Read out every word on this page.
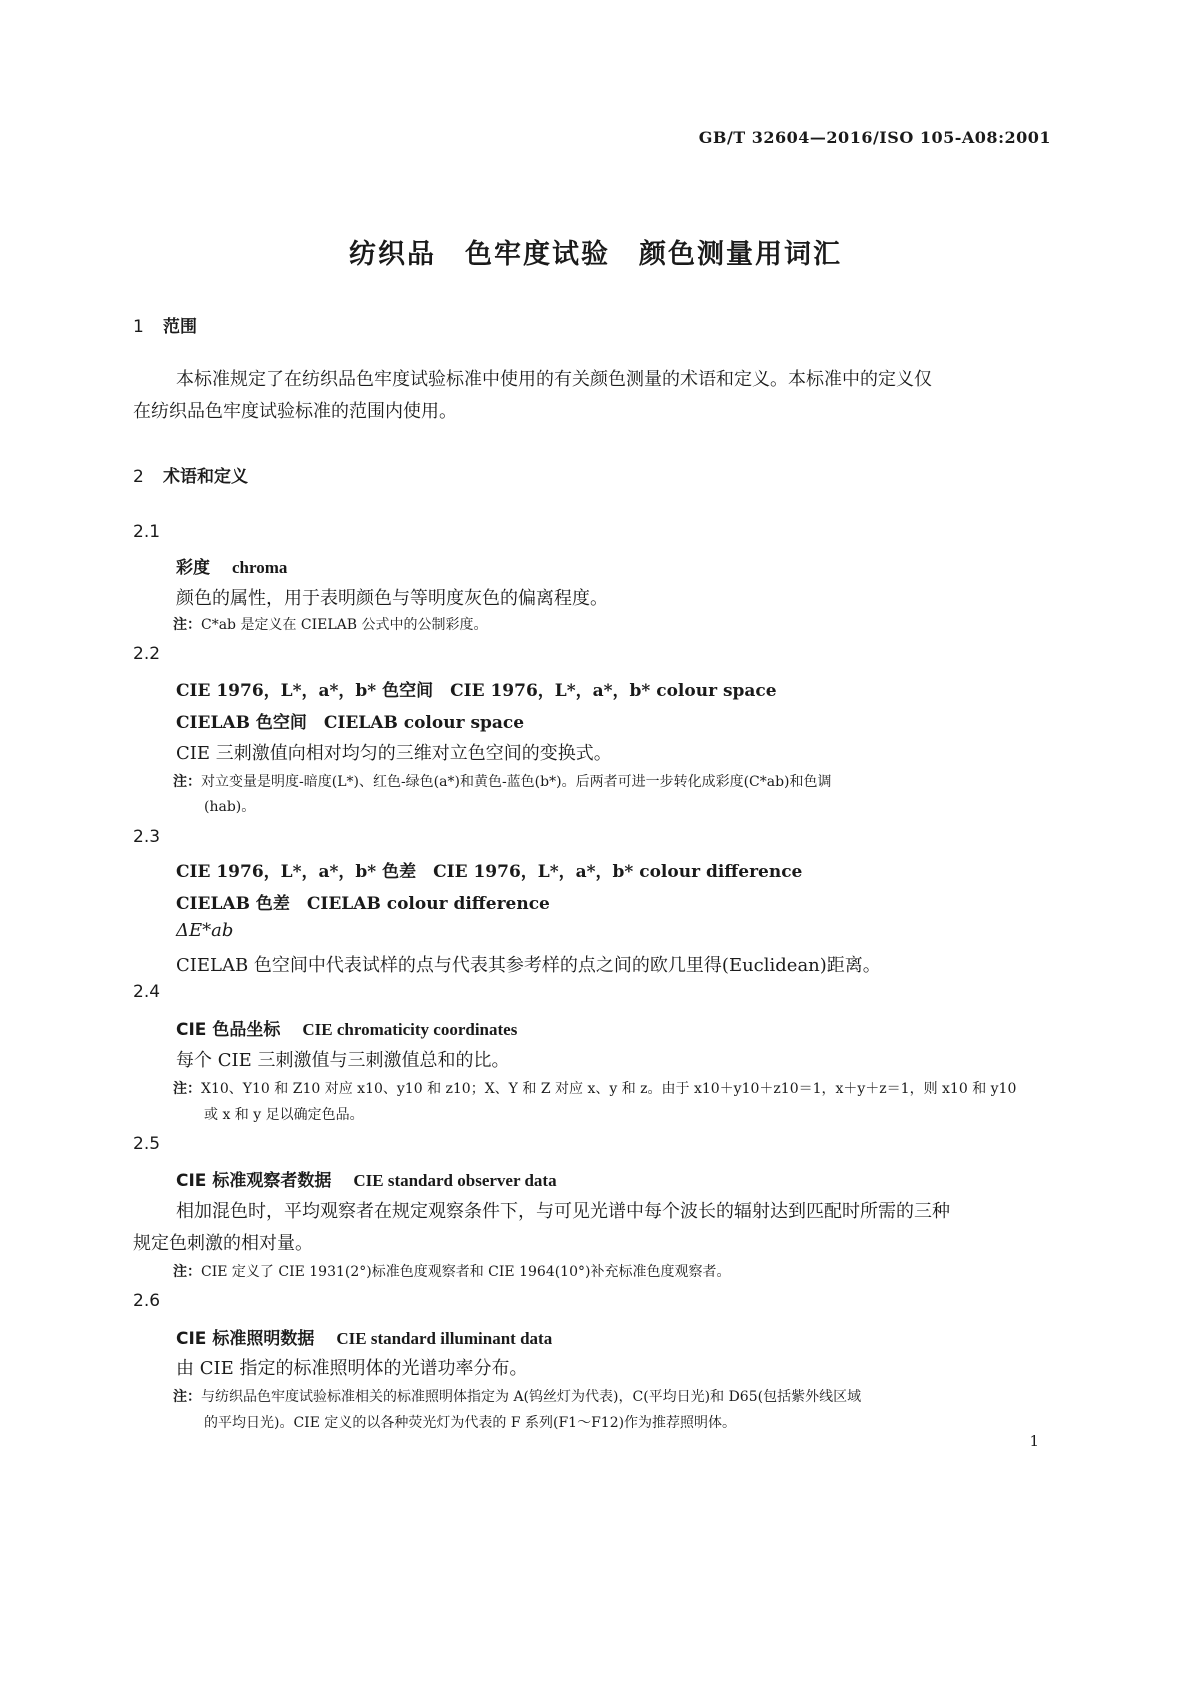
GB/T 32604—2016/ISO 105-A08:2001
纺织品　色牢度试验　颜色测量用词汇
1 范围
本标准规定了在纺织品色牢度试验标准中使用的有关颜色测量的术语和定义。本标准中的定义仅
在纺织品色牢度试验标准的范围内使用。
2 术语和定义
2.1
彩度 chroma
颜色的属性，用于表明颜色与等明度灰色的偏离程度。
注：C*ab 是定义在 CIELAB 公式中的公制彩度。
2.2
CIE 1976，L*，a*，b* 色空间　CIE 1976，L*，a*，b* colour space
CIELAB 色空间　CIELAB colour space
CIE 三刺激值向相对均匀的三维对立色空间的变换式。
注：对立变量是明度-暗度(L*)、红色-绿色(a*)和黄色-蓝色(b*)。后两者可进一步转化成彩度(C*ab)和色调
(hab)。
2.3
CIE 1976，L*，a*，b* 色差　CIE 1976，L*，a*，b* colour difference
CIELAB 色差　CIELAB colour difference
ΔE*ab
CIELAB 色空间中代表试样的点与代表其参考样的点之间的欧几里得(Euclidean)距离。
2.4
CIE 色品坐标 CIE chromaticity coordinates
每个 CIE 三刺激值与三刺激值总和的比。
注：X10、Y10 和 Z10 对应 x10、y10 和 z10；X、Y 和 Z 对应 x、y 和 z。由于 x10＋y10＋z10＝1，x＋y＋z＝1，则 x10 和 y10
或 x 和 y 足以确定色品。
2.5
CIE 标准观察者数据 CIE standard observer data
相加混色时，平均观察者在规定观察条件下，与可见光谱中每个波长的辐射达到匹配时所需的三种
规定色刺激的相对量。
注：CIE 定义了 CIE 1931(2°)标准色度观察者和 CIE 1964(10°)补充标准色度观察者。
2.6
CIE 标准照明数据 CIE standard illuminant data
由 CIE 指定的标准照明体的光谱功率分布。
注：与纺织品色牢度试验标准相关的标准照明体指定为 A(钨丝灯为代表)，C(平均日光)和 D65(包括紫外线区域
的平均日光)。CIE 定义的以各种荧光灯为代表的 F 系列(F1～F12)作为推荐照明体。
1
